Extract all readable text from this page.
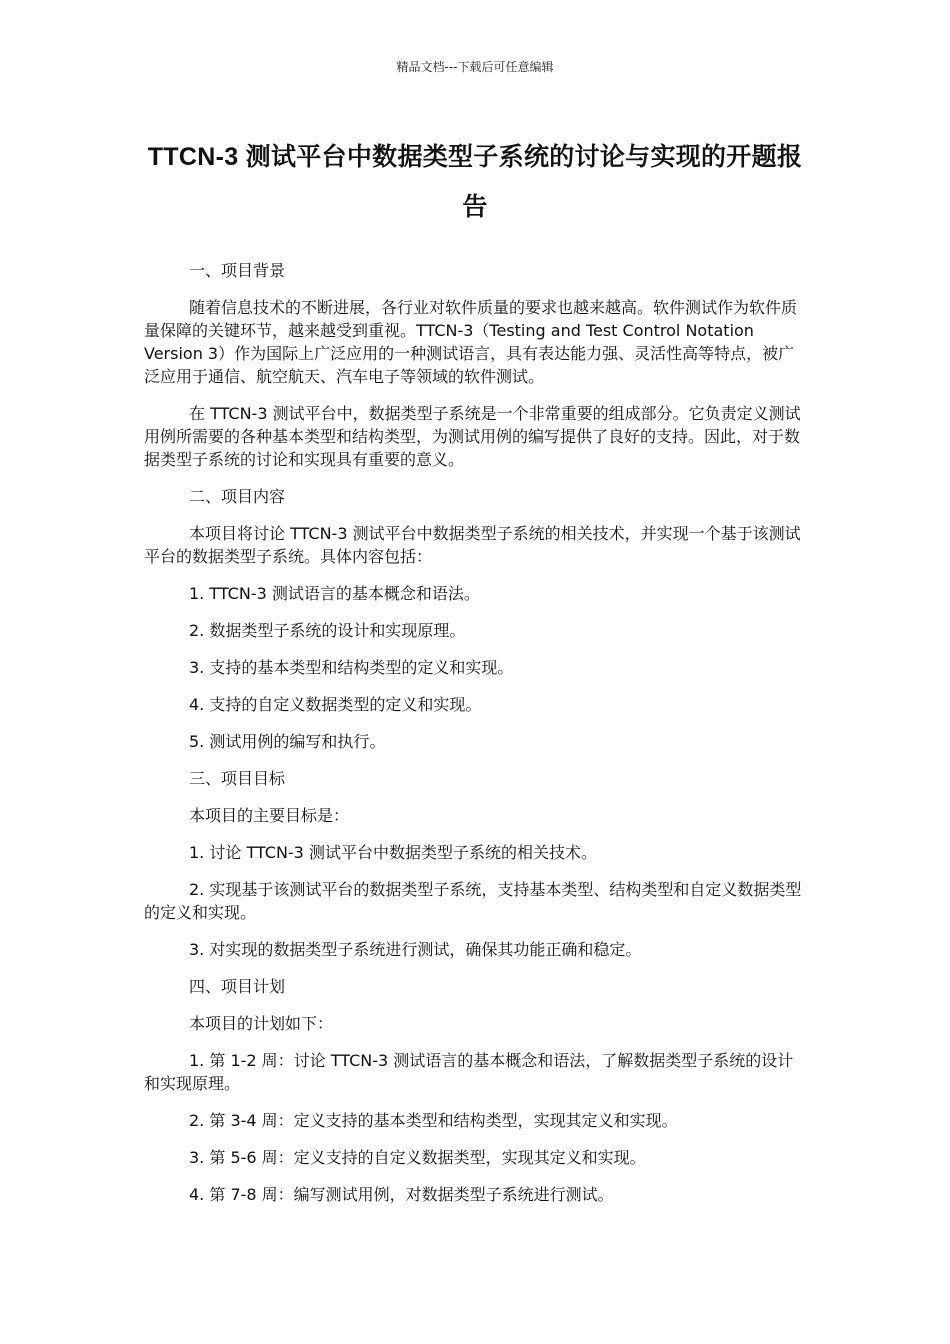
精品文档---下载后可任意编辑
TTCN-3 测试平台中数据类型子系统的讨论与实现的开题报告
一、项目背景

随着信息技术的不断进展，各行业对软件质量的要求也越来越高。软件测试作为软件质量保障的关键环节，越来越受到重视。TTCN-3（Testing and Test Control Notation Version 3）作为国际上广泛应用的一种测试语言，具有表达能力强、灵活性高等特点，被广泛应用于通信、航空航天、汽车电子等领域的软件测试。

在 TTCN-3 测试平台中，数据类型子系统是一个非常重要的组成部分。它负责定义测试用例所需要的各种基本类型和结构类型，为测试用例的编写提供了良好的支持。因此，对于数据类型子系统的讨论和实现具有重要的意义。

二、项目内容

本项目将讨论 TTCN-3 测试平台中数据类型子系统的相关技术，并实现一个基于该测试平台的数据类型子系统。具体内容包括：

1. TTCN-3 测试语言的基本概念和语法。

2. 数据类型子系统的设计和实现原理。

3. 支持的基本类型和结构类型的定义和实现。

4. 支持的自定义数据类型的定义和实现。

5. 测试用例的编写和执行。

三、项目目标

本项目的主要目标是：

1. 讨论 TTCN-3 测试平台中数据类型子系统的相关技术。

2. 实现基于该测试平台的数据类型子系统，支持基本类型、结构类型和自定义数据类型的定义和实现。

3. 对实现的数据类型子系统进行测试，确保其功能正确和稳定。

四、项目计划

本项目的计划如下：

1. 第 1-2 周：讨论 TTCN-3 测试语言的基本概念和语法，了解数据类型子系统的设计和实现原理。

2. 第 3-4 周：定义支持的基本类型和结构类型，实现其定义和实现。

3. 第 5-6 周：定义支持的自定义数据类型，实现其定义和实现。

4. 第 7-8 周：编写测试用例，对数据类型子系统进行测试。
